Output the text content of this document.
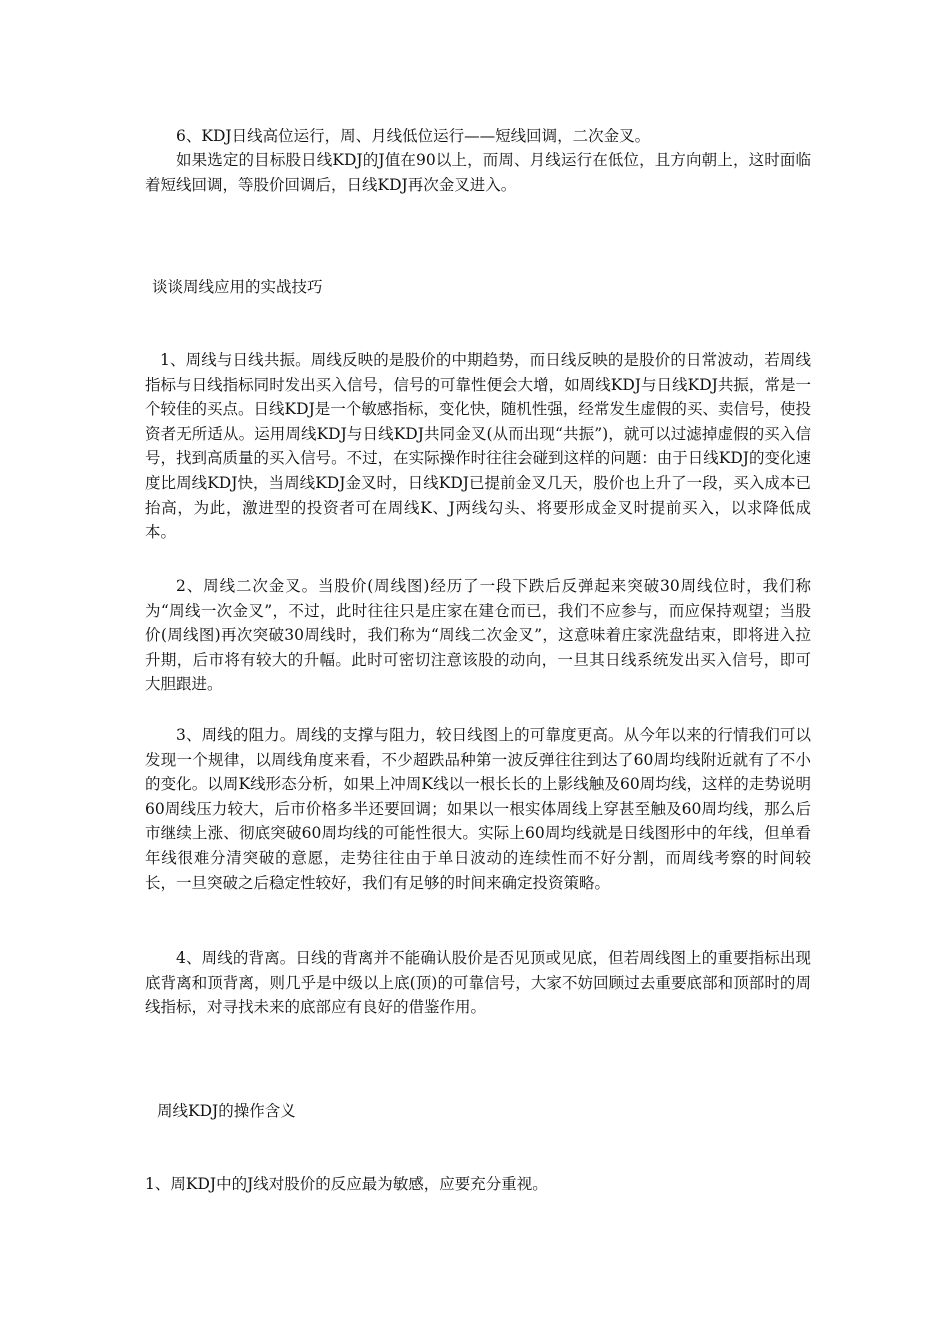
6、KDJ日线高位运行，周、月线低位运行——短线回调，二次金叉。

如果选定的目标股日线KDJ的J值在90以上，而周、月线运行在低位，且方向朝上，这时面临着短线回调，等股价回调后，日线KDJ再次金叉进入。

谈谈周线应用的实战技巧

1、周线与日线共振。周线反映的是股价的中期趋势，而日线反映的是股价的日常波动，若周线指标与日线指标同时发出买入信号，信号的可靠性便会大增，如周线KDJ与日线KDJ共振，常是一个较佳的买点。日线KDJ是一个敏感指标，变化快，随机性强，经常发生虚假的买、卖信号，使投资者无所适从。运用周线KDJ与日线KDJ共同金叉(从而出现“共振”)，就可以过滤掉虚假的买入信号，找到高质量的买入信号。不过，在实际操作时往往会碰到这样的问题：由于日线KDJ的变化速度比周线KDJ快，当周线KDJ金叉时，日线KDJ已提前金叉几天，股价也上升了一段，买入成本已抬高，为此，激进型的投资者可在周线K、J两线勾头、将要形成金叉时提前买入，以求降低成本。

2、周线二次金叉。当股价(周线图)经历了一段下跌后反弹起来突破30周线位时，我们称为“周线一次金叉”，不过，此时往往只是庄家在建仓而已，我们不应参与，而应保持观望；当股价(周线图)再次突破30周线时，我们称为“周线二次金叉”，这意味着庄家洗盘结束，即将进入拉升期，后市将有较大的升幅。此时可密切注意该股的动向，一旦其日线系统发出买入信号，即可大胆跟进。

3、周线的阻力。周线的支撑与阻力，较日线图上的可靠度更高。从今年以来的行情我们可以发现一个规律，以周线角度来看，不少超跌品种第一波反弹往往到达了60周均线附近就有了不小的变化。以周K线形态分析，如果上冲周K线以一根长长的上影线触及60周均线，这样的走势说明60周线压力较大，后市价格多半还要回调；如果以一根实体周线上穿甚至触及60周均线，那么后市继续上涨、彻底突破60周均线的可能性很大。实际上60周均线就是日线图形中的年线，但单看年线很难分清突破的意愿，走势往往由于单日波动的连续性而不好分割，而周线考察的时间较长，一旦突破之后稳定性较好，我们有足够的时间来确定投资策略。

4、周线的背离。日线的背离并不能确认股价是否见顶或见底，但若周线图上的重要指标出现底背离和顶背离，则几乎是中级以上底(顶)的可靠信号，大家不妨回顾过去重要底部和顶部时的周线指标，对寻找未来的底部应有良好的借鉴作用。

周线KDJ的操作含义

1、周KDJ中的J线对股价的反应最为敏感，应要充分重视。
